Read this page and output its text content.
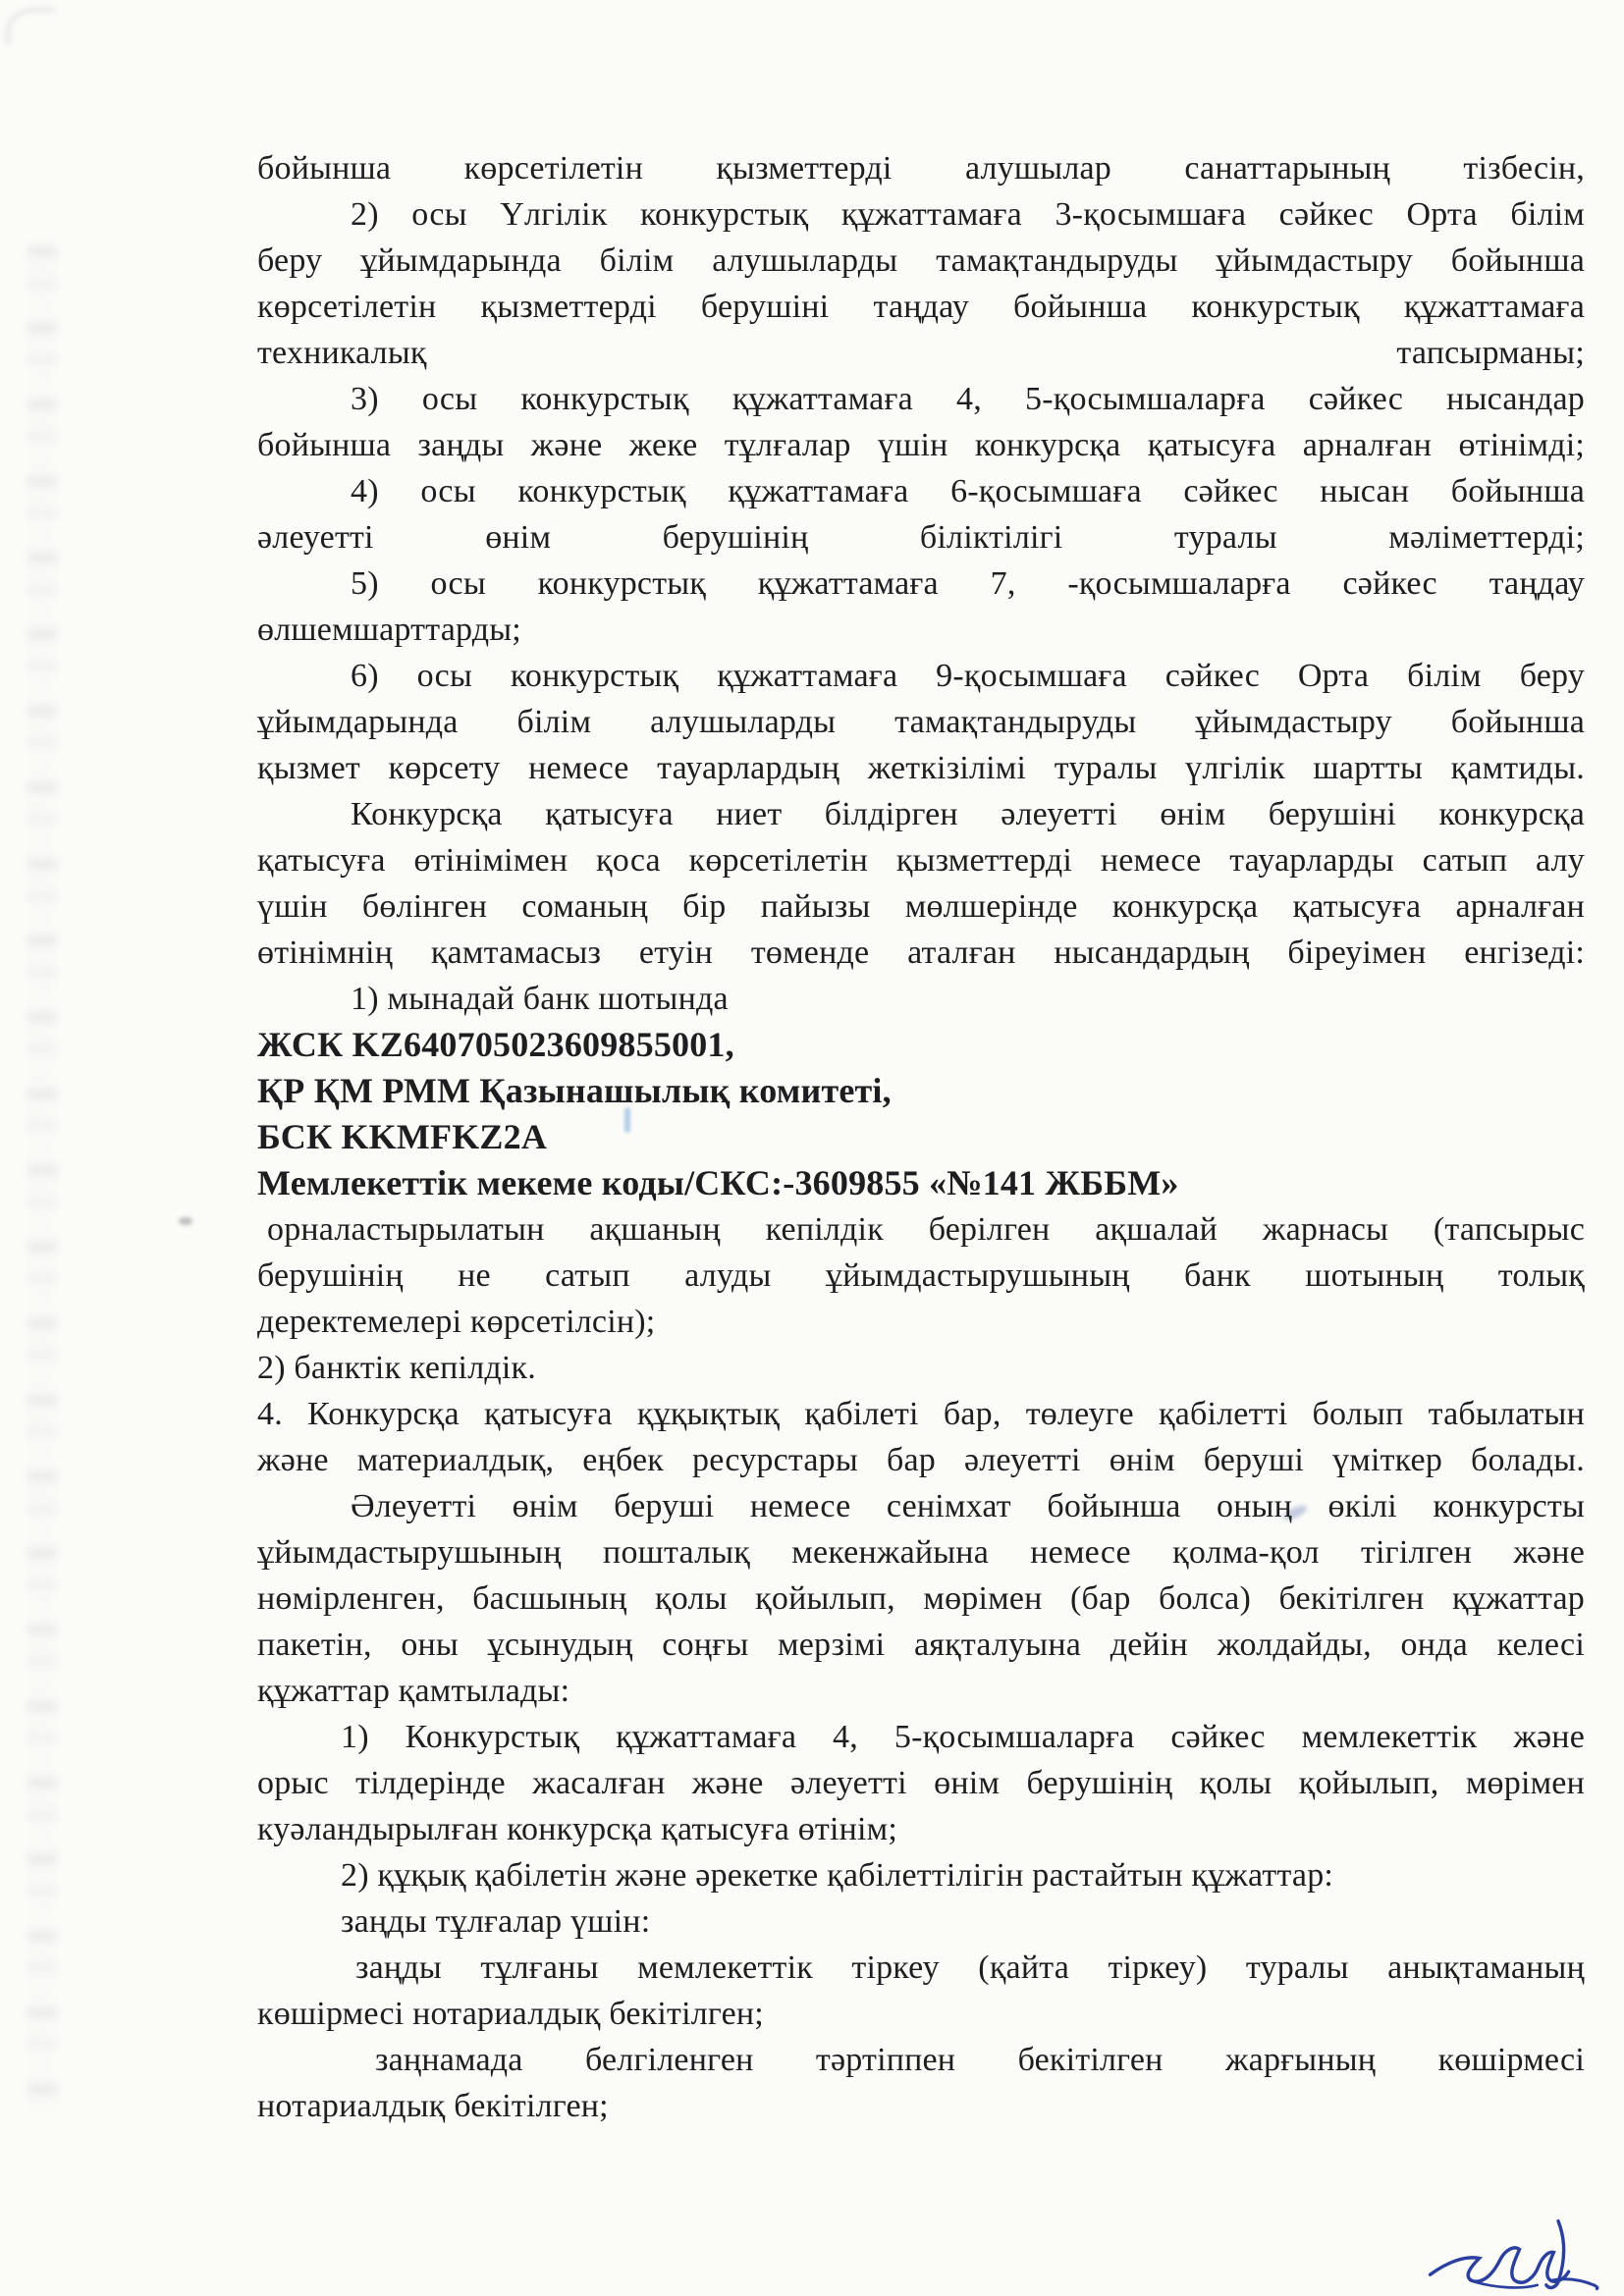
бойынша көрсетілетін қызметтерді алушылар санаттарының тізбесін,
2) осы Үлгілік конкурстық құжаттамаға 3-қосымшаға сәйкес Орта білім
беру ұйымдарында білім алушыларды тамақтандыруды ұйымдастыру бойынша
көрсетілетін қызметтерді берушіні таңдау бойынша конкурстық құжаттамаға
техникалық	тапсырманы;
3) осы конкурстық құжаттамаға 4, 5-қосымшаларға сәйкес нысандар
бойынша заңды және жеке тұлғалар үшін конкурсқа қатысуға арналған өтінімді;
4) осы конкурстық құжаттамаға 6-қосымшаға сәйкес нысан бойынша
әлеуетті өнім берушінің біліктілігі туралы мәліметтерді;
5) осы конкурстық құжаттамаға 7, -қосымшаларға сәйкес таңдау
өлшемшарттарды;
6) осы конкурстық құжаттамаға 9-қосымшаға сәйкес Орта білім беру
ұйымдарында білім алушыларды тамақтандыруды ұйымдастыру бойынша
қызмет көрсету немесе тауарлардың жеткізілімі туралы үлгілік шартты қамтиды.
Конкурсқа қатысуға ниет білдірген әлеуетті өнім берушіні конкурсқа
қатысуға өтінімімен қоса көрсетілетін қызметтерді немесе тауарларды сатып алу
үшін бөлінген соманың бір пайызы мөлшерінде конкурсқа қатысуға арналған
өтінімнің қамтамасыз етуін төменде аталған нысандардың біреуімен енгізеді:
1) мынадай банк шотында
ЖСК KZ640705023609855001,
ҚР ҚМ РММ Қазынашылық комитеті,
БСК KKMFKZ2A
Мемлекеттік мекеме коды/СКС:-3609855 «№141 ЖББМ»
орналастырылатын ақшаның кепілдік берілген ақшалай жарнасы (тапсырыс
берушінің не сатып алуды ұйымдастырушының банк шотының толық
деректемелері көрсетілсін);
2) банктік кепілдік.
4. Конкурсқа қатысуға құқықтық қабілеті бар, төлеуге қабілетті болып табылатын
және материалдық, еңбек ресурстары бар әлеуетті өнім беруші үміткер болады.
Әлеуетті өнім беруші немесе сенімхат бойынша оның өкілі конкурсты
ұйымдастырушының пошталық мекенжайына немесе қолма-қол тігілген және
нөмірленген, басшының қолы қойылып, мөрімен (бар болса) бекітілген құжаттар
пакетін, оны ұсынудың соңғы мерзімі аяқталуына дейін жолдайды, онда келесі
құжаттар қамтылады:
1) Конкурстық құжаттамаға 4, 5-қосымшаларға сәйкес мемлекеттік және
орыс тілдерінде жасалған және әлеуетті өнім берушінің қолы қойылып, мөрімен
куәландырылған конкурсқа қатысуға өтінім;
2) құқық қабілетін және әрекетке қабілеттілігін растайтын құжаттар:
заңды тұлғалар үшін:
заңды тұлғаны мемлекеттік тіркеу (қайта тіркеу) туралы анықтаманың
көшірмесі нотариалдық бекітілген;
заңнамада белгіленген тәртіппен бекітілген жарғының көшірмесі
нотариалдық бекітілген;
